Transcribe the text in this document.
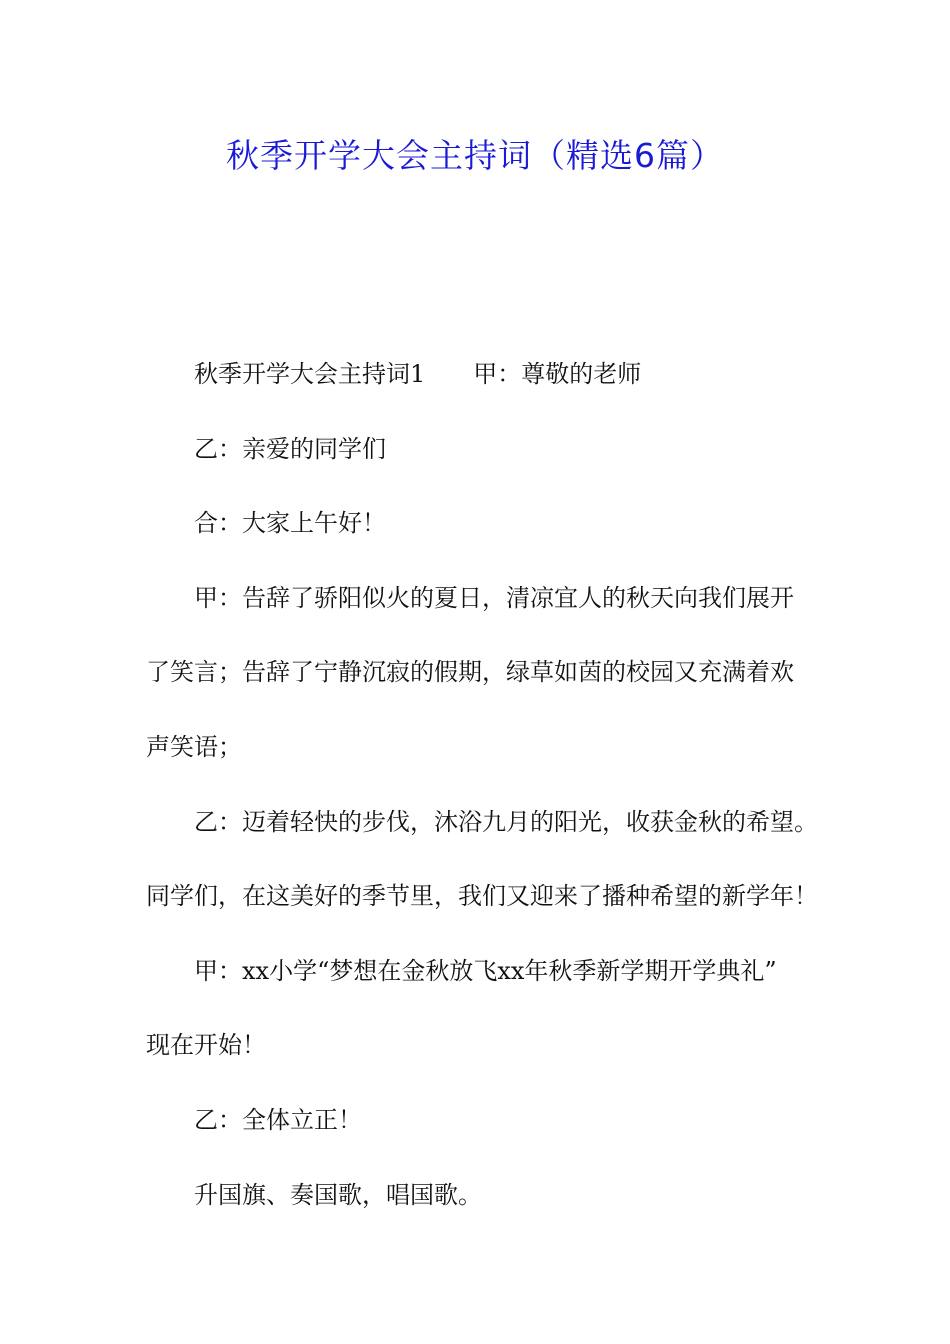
秋季开学大会主持词（精选6篇）

秋季开学大会主持词1 甲：尊敬的老师

乙：亲爱的同学们

合：大家上午好！

甲：告辞了骄阳似火的夏日，清凉宜人的秋天向我们展开

了笑言；告辞了宁静沉寂的假期，绿草如茵的校园又充满着欢

声笑语；

乙：迈着轻快的步伐，沐浴九月的阳光，收获金秋的希望。

同学们，在这美好的季节里，我们又迎来了播种希望的新学年！

甲：xx小学“梦想在金秋放飞xx年秋季新学期开学典礼”

现在开始！

乙：全体立正！

升国旗、奏国歌，唱国歌。
